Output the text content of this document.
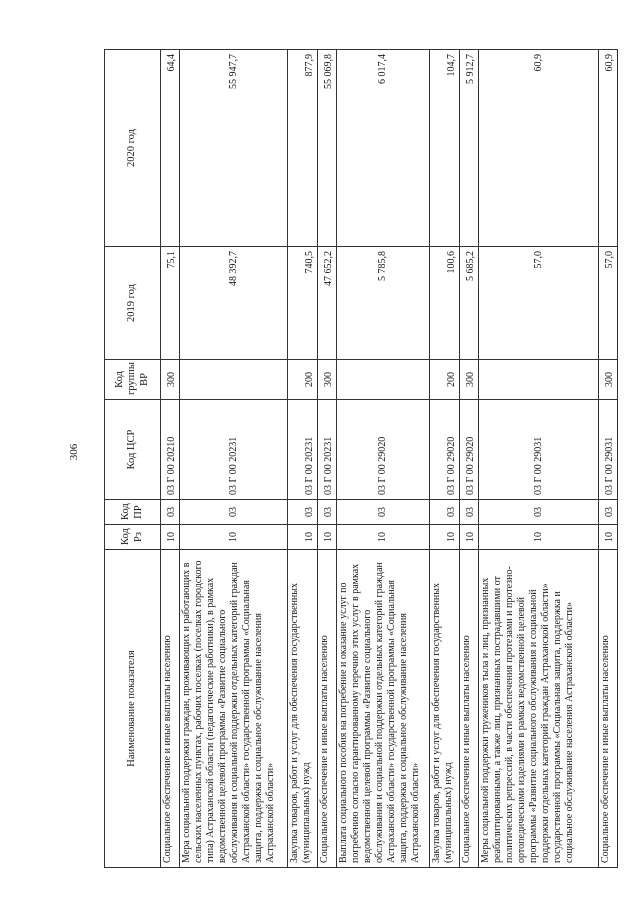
306
Наименование показателя	Код Рз	Код ПР	Код ЦСР	Код группы ВР	2019 год	2020 год
Социальное обеспечение и иные выплаты населению	10	03	03 Г 00 20210	300	75,1	64,4
Мера социальной поддержки граждан, проживающих и работающих в сельских населенных пунктах, рабочих поселках (поселках городского типа) Астраханской области (педагогические работники), в рамках ведомственной целевой программы «Развитие социального обслуживания и социальной поддержки отдельных категорий граждан Астраханской области» государственной программы «Социальная защита, поддержка и социальное обслуживание населения Астраханской области»	10	03	03 Г 00 20231		48 392,7	55 947,7
Закупка товаров, работ и услуг для обеспечения государственных (муниципальных) нужд	10	03	03 Г 00 20231	200	740,5	877,9
Социальное обеспечение и иные выплаты населению	10	03	03 Г 00 20231	300	47 652,2	55 069,8
Выплата социального пособия на погребение и оказание услуг по погребению согласно гарантированному перечню этих услуг в рамках ведомственной целевой программы «Развитие социального обслуживания и социальной поддержки отдельных категорий граждан Астраханской области» государственной программы «Социальная защита, поддержка и социальное обслуживание населения Астраханской области»	10	03	03 Г 00 29020		5 785,8	6 017,4
Закупка товаров, работ и услуг для обеспечения государственных (муниципальных) нужд	10	03	03 Г 00 29020	200	100,6	104,7
Социальное обеспечение и иные выплаты населению	10	03	03 Г 00 29020	300	5 685,2	5 912,7
Меры социальной поддержки тружеников тыла и лиц, признанных реабилитированными, а также лиц, признанных пострадавшими от политических репрессий, в части обеспечения протезами и протезно-ортопедическими изделиями в рамках ведомственной целевой программы «Развитие социального обслуживания и социальной поддержки отдельных категорий граждан Астраханской области» государственной программы «Социальная защита, поддержка и социальное обслуживание населения Астраханской области»	10	03	03 Г 00 29031		57,0	60,9
Социальное обеспечение и иные выплаты населению	10	03	03 Г 00 29031	300	57,0	60,9
